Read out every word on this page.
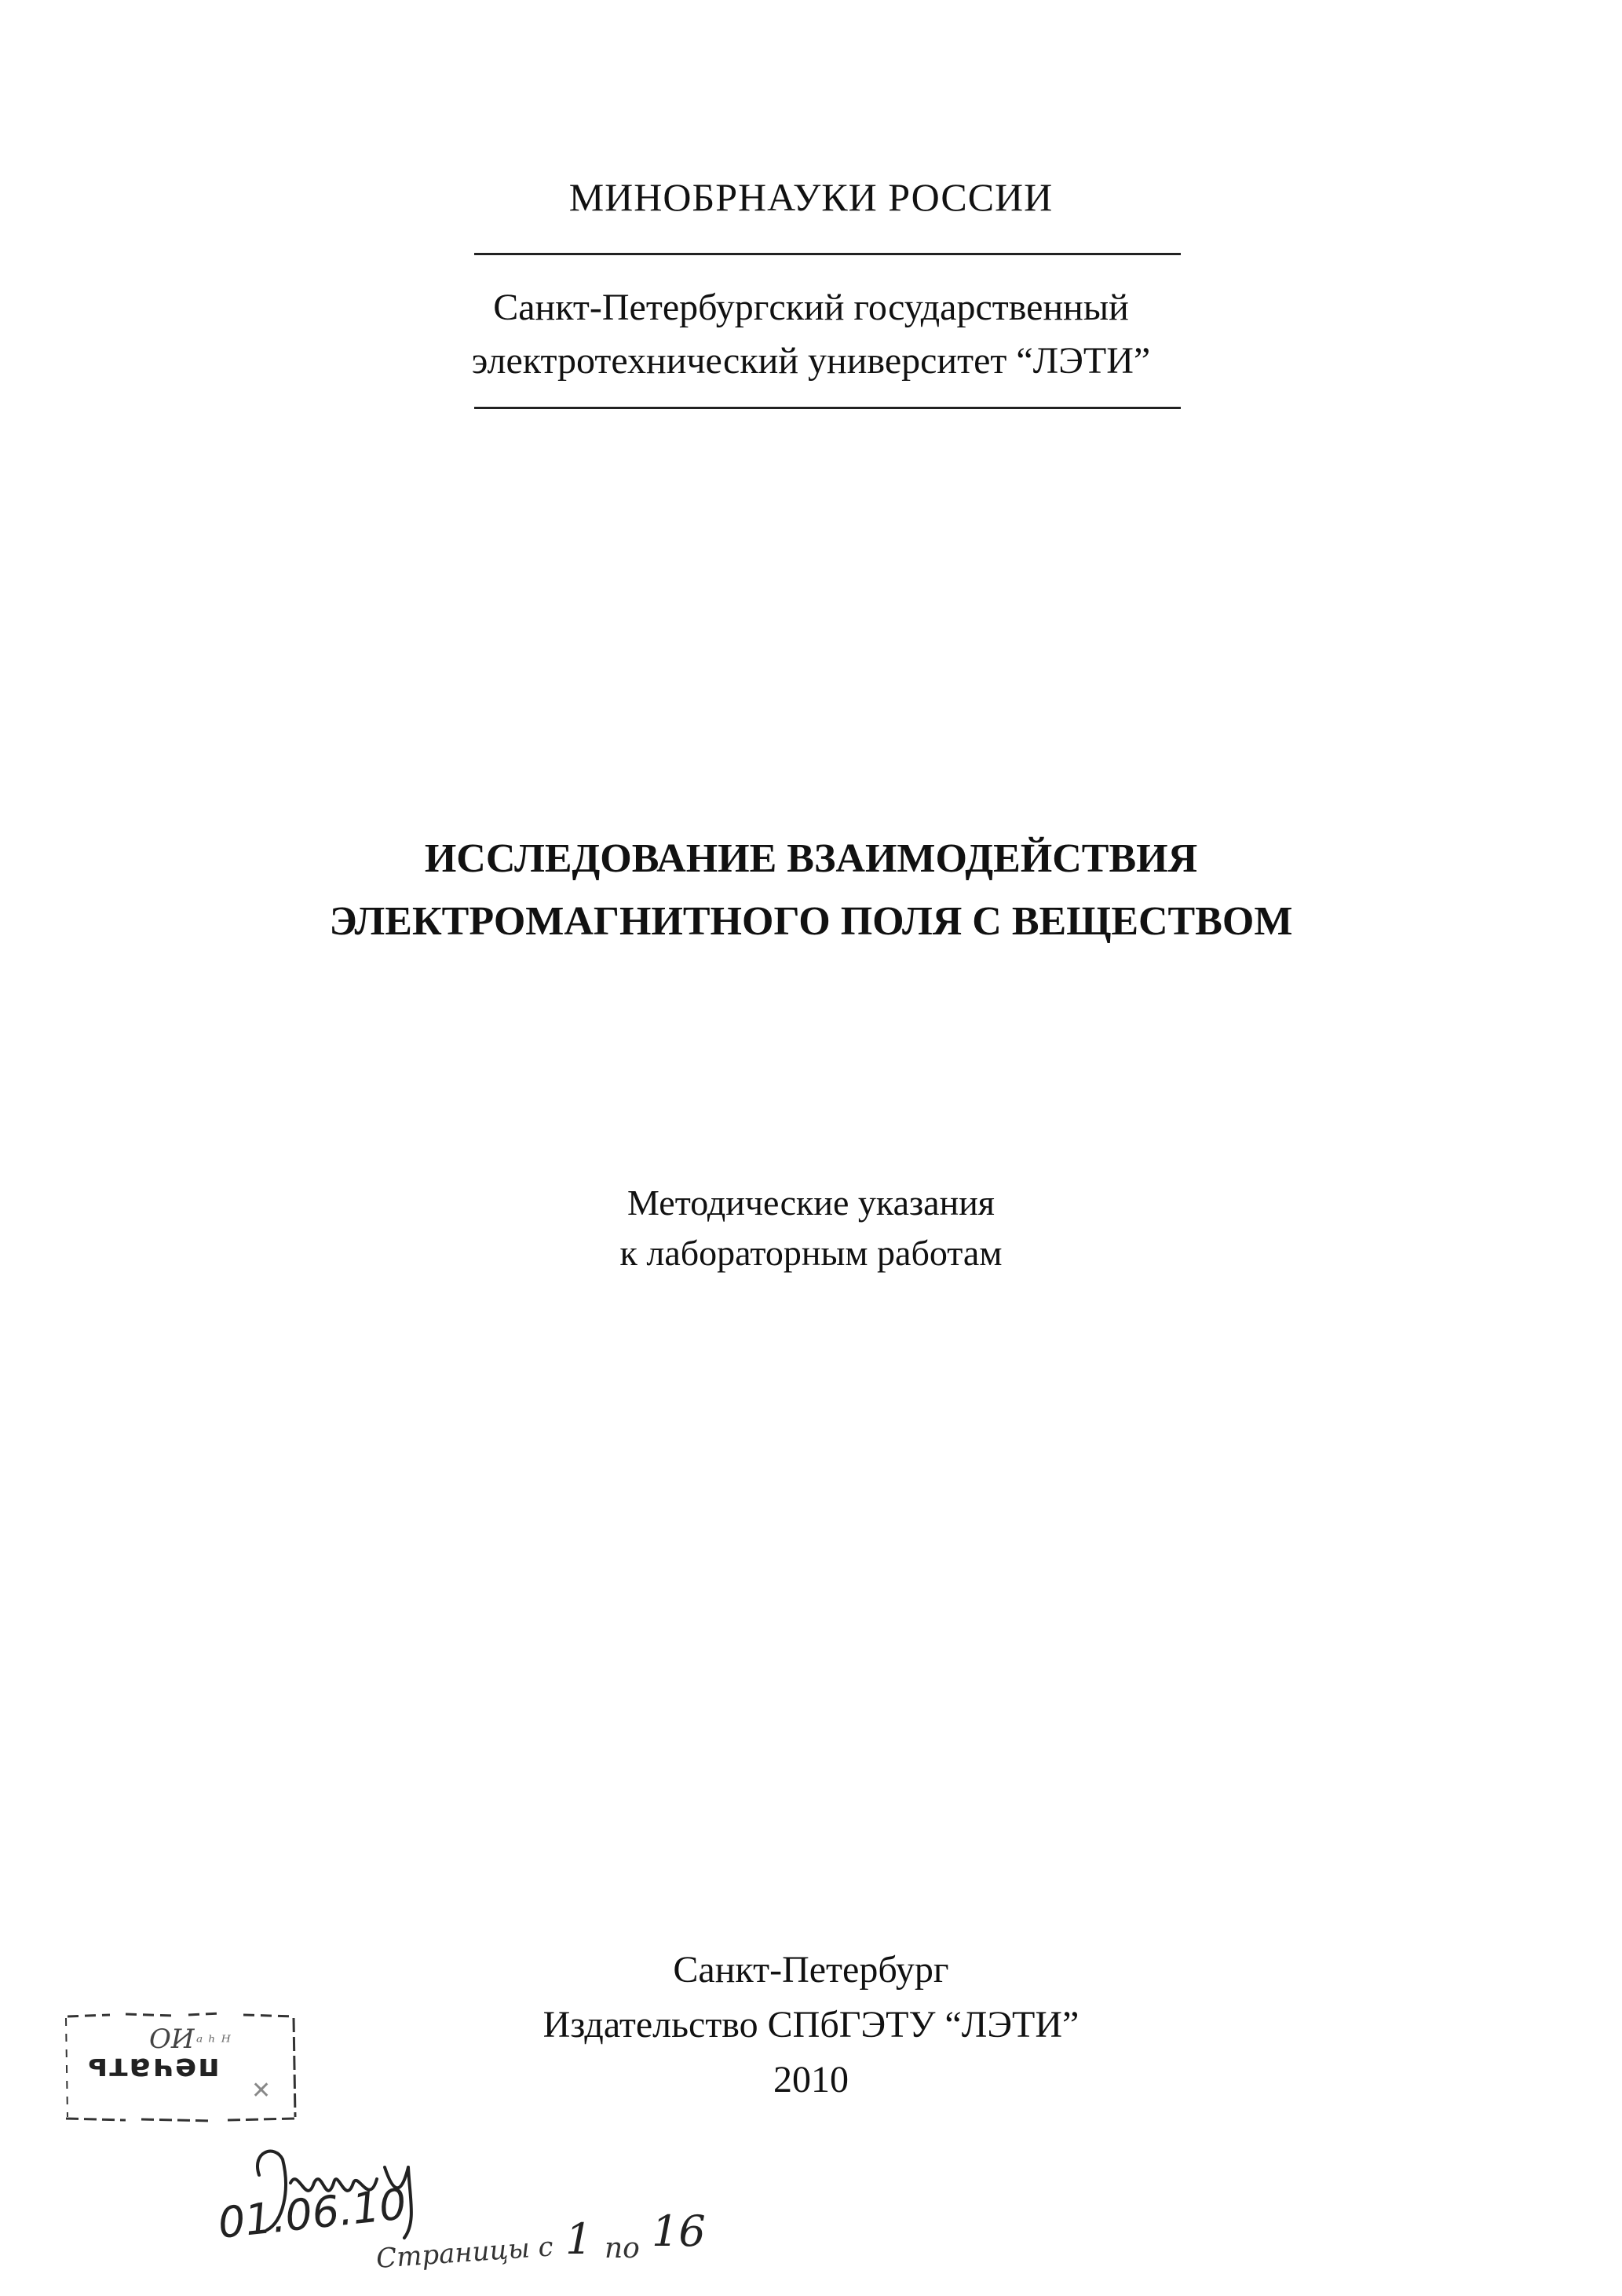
МИНОБРНАУКИ РОССИИ
Санкт-Петербургский государственный
электротехнический университет “ЛЭТИ”
ИССЛЕДОВАНИЕ ВЗАИМОДЕЙСТВИЯ
ЭЛЕКТРОМАГНИТНОГО ПОЛЯ С ВЕЩЕСТВОМ
Методические указания
к лабораторным работам
Санкт-Петербург
Издательство СПбГЭТУ “ЛЭТИ”
2010
ОИ ᵃ ʰ ᴴ
✕
печать
01.06.10
Страницы с 1 по 16
